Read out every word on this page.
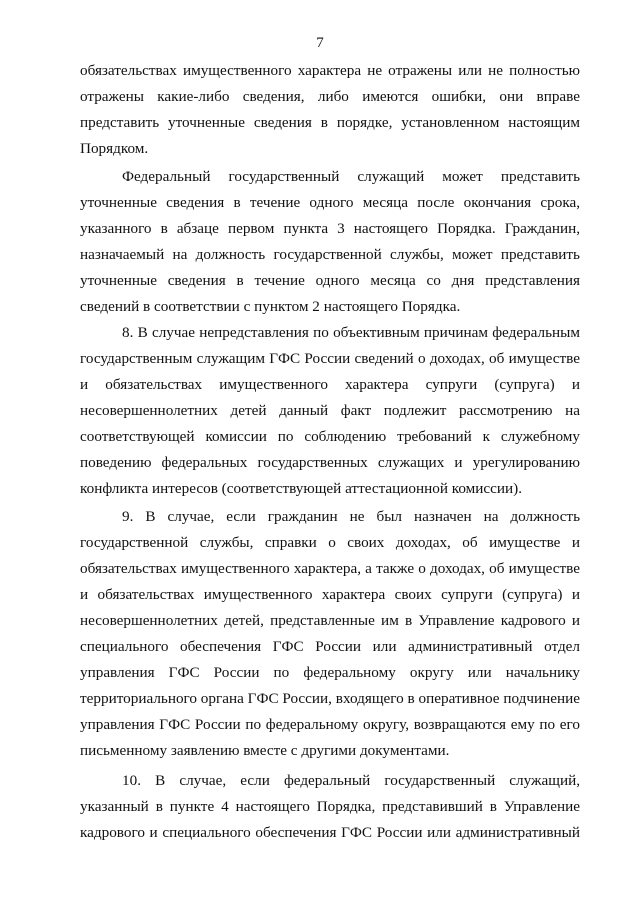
7
обязательствах имущественного характера не отражены или не полностью
отражены какие-либо сведения, либо имеются ошибки, они вправе
представить уточненные сведения в порядке, установленном настоящим
Порядком.
Федеральный государственный служащий может представить
уточненные сведения в течение одного месяца после окончания срока,
указанного в абзаце первом пункта 3 настоящего Порядка. Гражданин,
назначаемый на должность государственной службы, может представить
уточненные сведения в течение одного месяца со дня представления
сведений в соответствии с пунктом 2 настоящего Порядка.
8. В случае непредставления по объективным причинам федеральным
государственным служащим ГФС России сведений о доходах, об имуществе
и обязательствах имущественного характера супруги (супруга) и
несовершеннолетних детей данный факт подлежит рассмотрению на
соответствующей комиссии по соблюдению требований к служебному
поведению федеральных государственных служащих и урегулированию
конфликта интересов (соответствующей аттестационной комиссии).
9. В случае, если гражданин не был назначен на должность
государственной службы, справки о своих доходах, об имуществе и
обязательствах имущественного характера, а также о доходах, об имуществе
и обязательствах имущественного характера своих супруги (супруга) и
несовершеннолетних детей, представленные им в Управление кадрового и
специального обеспечения ГФС России или административный отдел
управления ГФС России по федеральному округу или начальнику
территориального органа ГФС России, входящего в оперативное подчинение
управления ГФС России по федеральному округу, возвращаются ему по его
письменному заявлению вместе с другими документами.
10. В случае, если федеральный государственный служащий,
указанный в пункте 4 настоящего Порядка, представивший в Управление
кадрового и специального обеспечения ГФС России или административный
